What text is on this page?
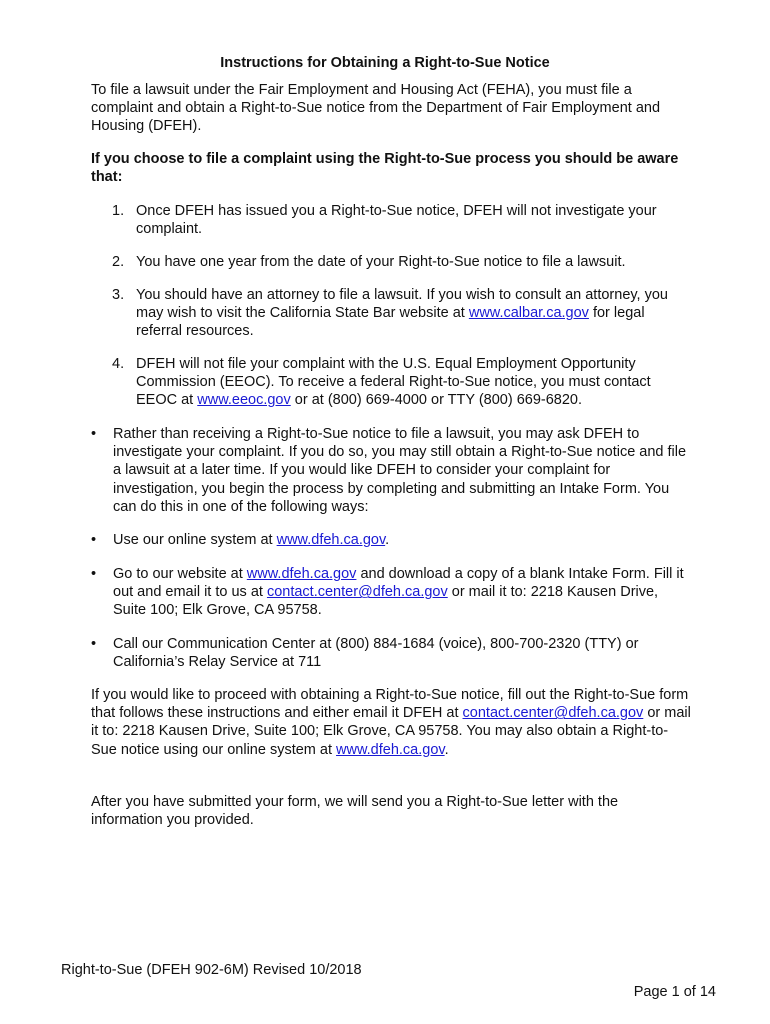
Instructions for Obtaining a Right-to-Sue Notice
To file a lawsuit under the Fair Employment and Housing Act (FEHA), you must file a complaint and obtain a Right-to-Sue notice from the Department of Fair Employment and Housing (DFEH).
If you choose to file a complaint using the Right-to-Sue process you should be aware that:
1. Once DFEH has issued you a Right-to-Sue notice, DFEH will not investigate your complaint.
2. You have one year from the date of your Right-to-Sue notice to file a lawsuit.
3. You should have an attorney to file a lawsuit. If you wish to consult an attorney, you may wish to visit the California State Bar website at www.calbar.ca.gov for legal referral resources.
4. DFEH will not file your complaint with the U.S. Equal Employment Opportunity Commission (EEOC). To receive a federal Right-to-Sue notice, you must contact EEOC at www.eeoc.gov or at (800) 669-4000 or TTY (800) 669-6820.
•	Rather than receiving a Right-to-Sue notice to file a lawsuit, you may ask DFEH to investigate your complaint. If you do so, you may still obtain a Right-to-Sue notice and file a lawsuit at a later time. If you would like DFEH to consider your complaint for investigation, you begin the process by completing and submitting an Intake Form. You can do this in one of the following ways:
•	Use our online system at www.dfeh.ca.gov.
•	Go to our website at www.dfeh.ca.gov and download a copy of a blank Intake Form. Fill it out and email it to us at contact.center@dfeh.ca.gov or mail it to: 2218 Kausen Drive, Suite 100; Elk Grove, CA 95758.
•	Call our Communication Center at (800) 884-1684 (voice), 800-700-2320 (TTY) or California’s Relay Service at 711
If you would like to proceed with obtaining a Right-to-Sue notice, fill out the Right-to-Sue form that follows these instructions and either email it DFEH at contact.center@dfeh.ca.gov or mail it to: 2218 Kausen Drive, Suite 100; Elk Grove, CA 95758. You may also obtain a Right-to-Sue notice using our online system at www.dfeh.ca.gov.
After you have submitted your form, we will send you a Right-to-Sue letter with the information you provided.
Right-to-Sue (DFEH 902-6M) Revised 10/2018
Page 1 of 14
